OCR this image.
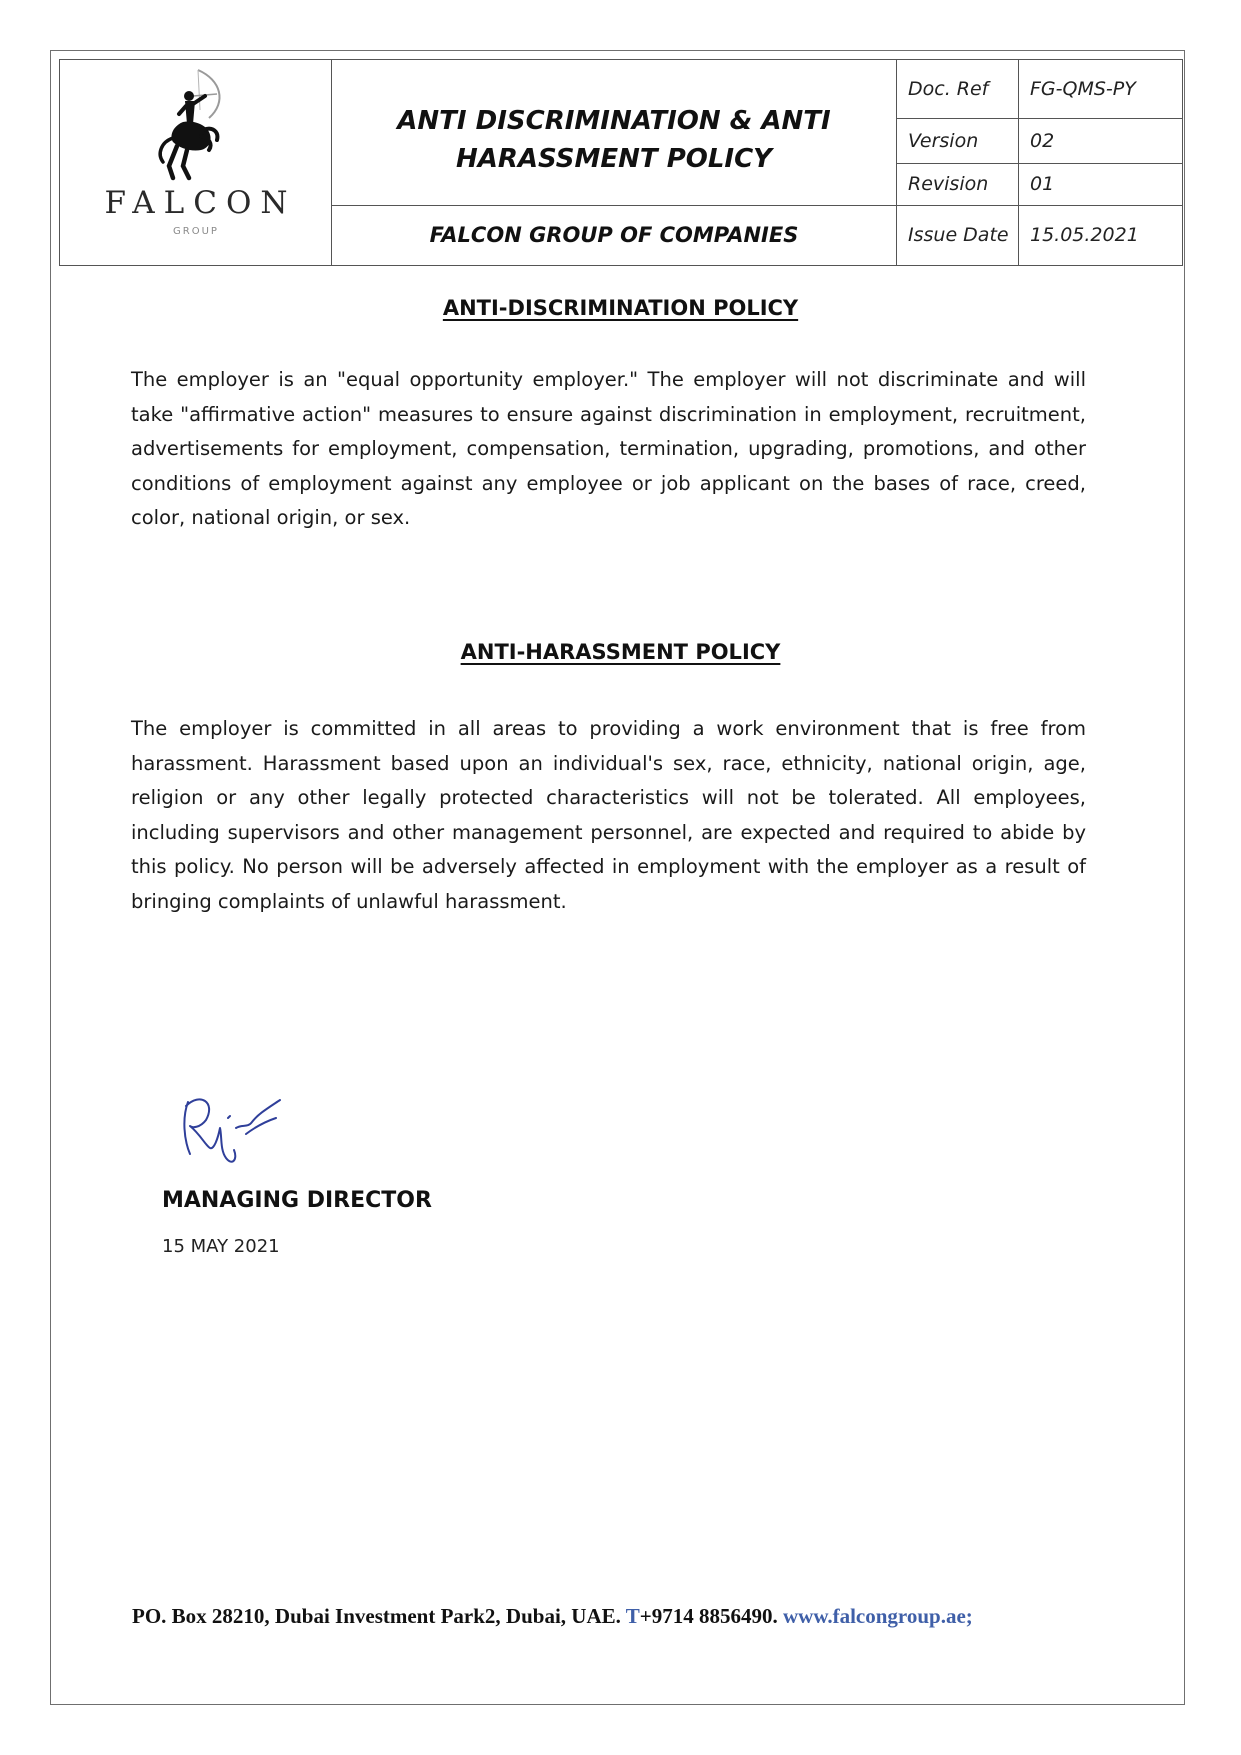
FALCON
GROUP
ANTI DISCRIMINATION & ANTI
HARASSMENT POLICY
FALCON GROUP OF COMPANIES
Doc. Ref	FG-QMS-PY
Version	02
Revision	01
Issue Date	15.05.2021
ANTI-DISCRIMINATION POLICY
The employer is an "equal opportunity employer." The employer will not discriminate and will take "affirmative action" measures to ensure against discrimination in employment, recruitment, advertisements for employment, compensation, termination, upgrading, promotions, and other conditions of employment against any employee or job applicant on the bases of race, creed, color, national origin, or sex.
ANTI-HARASSMENT POLICY
The employer is committed in all areas to providing a work environment that is free from harassment. Harassment based upon an individual's sex, race, ethnicity, national origin, age, religion or any other legally protected characteristics will not be tolerated. All employees, including supervisors and other management personnel, are expected and required to abide by this policy. No person will be adversely affected in employment with the employer as a result of bringing complaints of unlawful harassment.
MANAGING DIRECTOR
15 MAY 2021
PO. Box 28210, Dubai Investment Park2, Dubai, UAE. T+9714 8856490. www.falcongroup.ae;
